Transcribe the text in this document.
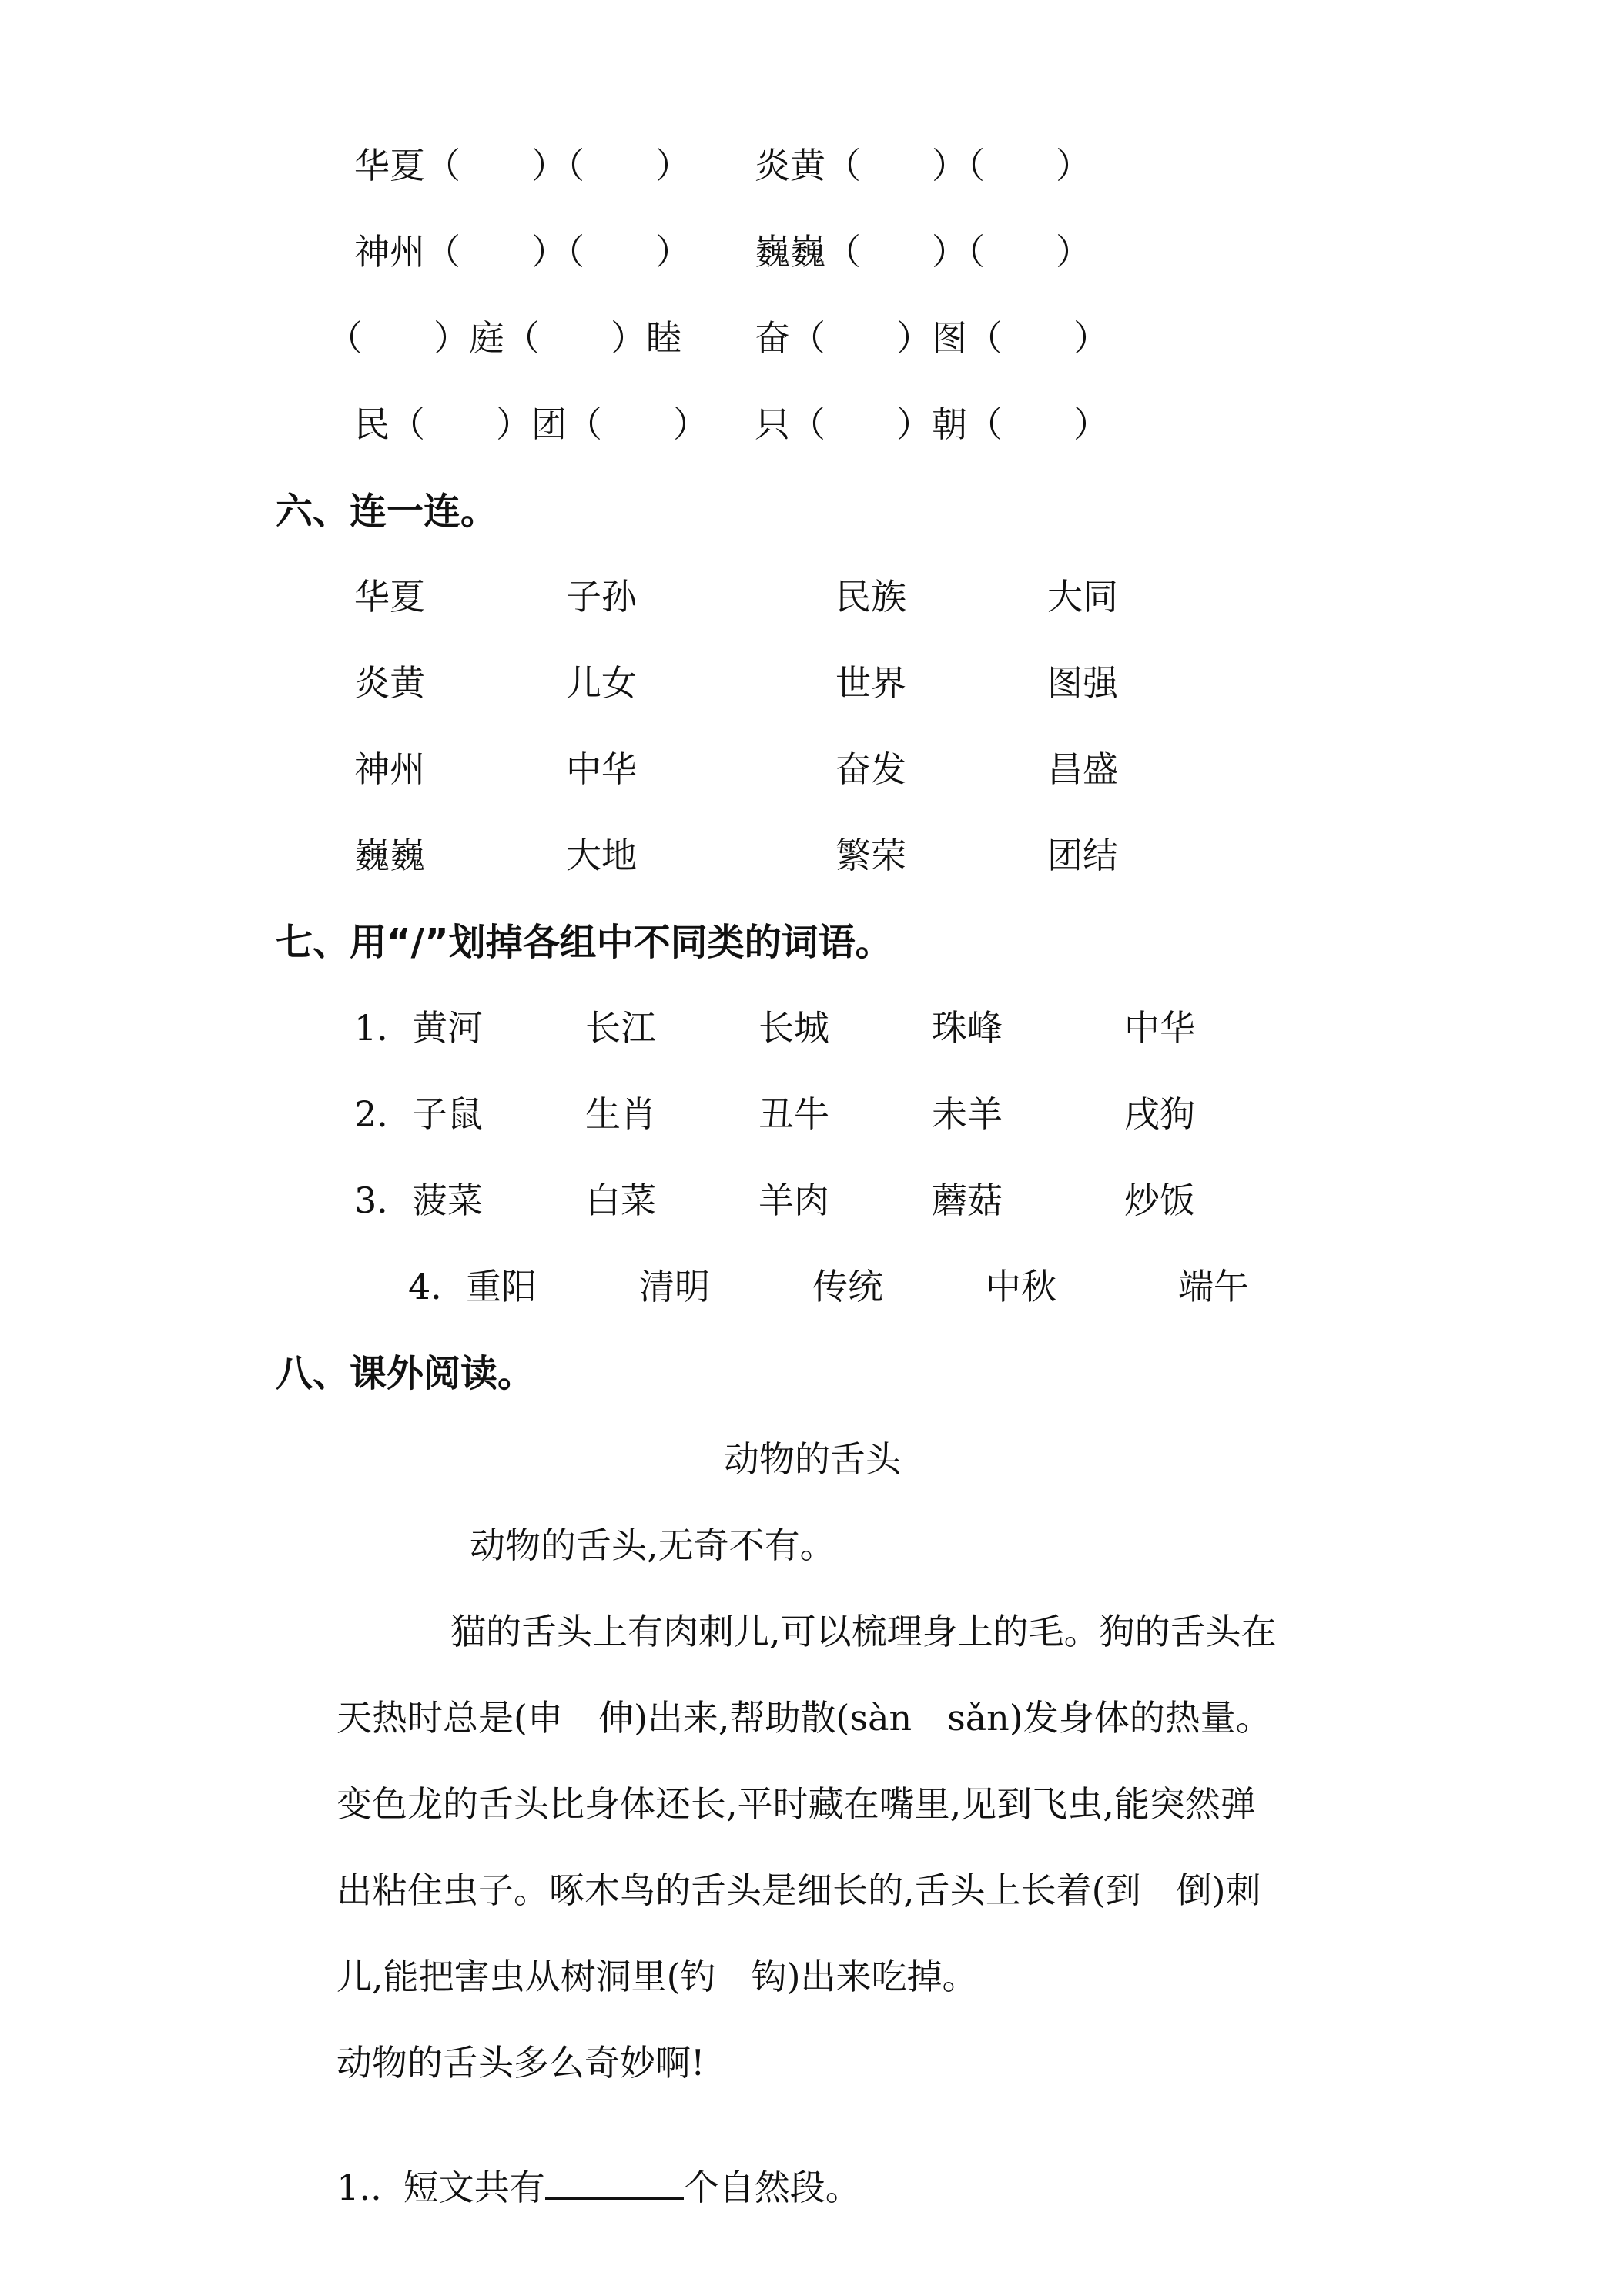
华夏（　　）（　　） 炎黄（　　）（　　）
神州（　　）（　　） 巍巍（　　）（　　）
（　　）庭（　　）睦 奋（　　）图（　　）
民（　　）团（　　） 只（　　）朝（　　）
六、连一连。
华夏	子孙	民族	大同
炎黄	儿女	世界	图强
神州	中华	奋发	昌盛
巍巍	大地	繁荣	团结
七、用“/”划掉各组中不同类的词语。
1． 黄河	长江	长城	珠峰	中华
2． 子鼠	生肖	丑牛	未羊	戌狗
3． 菠菜	白菜	羊肉	蘑菇	炒饭
4． 重阳	清明	传统	中秋	端午
八、课外阅读。
动物的舌头
动物的舌头,无奇不有。
猫的舌头上有肉刺儿,可以梳理身上的毛。狗的舌头在
天热时总是(申　伸)出来,帮助散(sàn　sǎn)发身体的热量。
变色龙的舌头比身体还长,平时藏在嘴里,见到飞虫,能突然弹
出粘住虫子。啄木鸟的舌头是细长的,舌头上长着(到　倒)刺
儿,能把害虫从树洞里(钓　钩)出来吃掉。
动物的舌头多么奇妙啊!

1.. 短文共有	个自然段。
